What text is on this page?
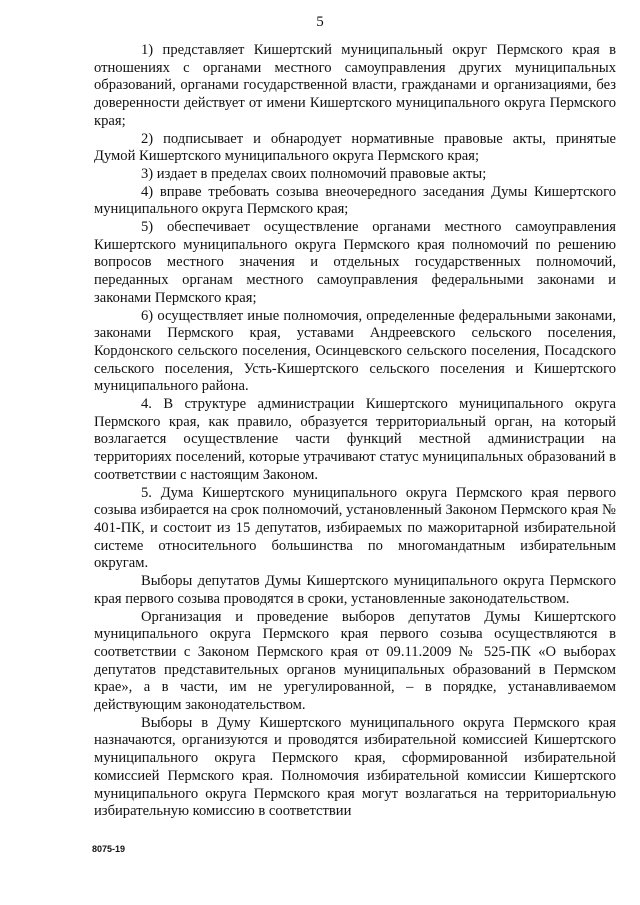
5

1) представляет Кишертский муниципальный округ Пермского края в отношениях с органами местного самоуправления других муниципальных образований, органами государственной власти, гражданами и организациями, без доверенности действует от имени Кишертского муниципального округа Пермского края;

2) подписывает и обнародует нормативные правовые акты, принятые Думой Кишертского муниципального округа Пермского края;

3) издает в пределах своих полномочий правовые акты;

4) вправе требовать созыва внеочередного заседания Думы Кишертского муниципального округа Пермского края;

5) обеспечивает осуществление органами местного самоуправления Кишертского муниципального округа Пермского края полномочий по решению вопросов местного значения и отдельных государственных полномочий, переданных органам местного самоуправления федеральными законами и законами Пермского края;

6) осуществляет иные полномочия, определенные федеральными законами, законами Пермского края, уставами Андреевского сельского поселения, Кордонского сельского поселения, Осинцевского сельского поселения, Посадского сельского поселения, Усть-Кишертского сельского поселения и Кишертского муниципального района.

4. В структуре администрации Кишертского муниципального округа Пермского края, как правило, образуется территориальный орган, на который возлагается осуществление части функций местной администрации на территориях поселений, которые утрачивают статус муниципальных образований в соответствии с настоящим Законом.

5. Дума Кишертского муниципального округа Пермского края первого созыва избирается на срок полномочий, установленный Законом Пермского края № 401-ПК, и состоит из 15 депутатов, избираемых по мажоритарной избирательной системе относительного большинства по многомандатным избирательным округам.

Выборы депутатов Думы Кишертского муниципального округа Пермского края первого созыва проводятся в сроки, установленные законодательством.

Организация и проведение выборов депутатов Думы Кишертского муниципального округа Пермского края первого созыва осуществляются в соответствии с Законом Пермского края от 09.11.2009 № 525-ПК «О выборах депутатов представительных органов муниципальных образований в Пермском крае», а в части, им не урегулированной, – в порядке, устанавливаемом действующим законодательством.

Выборы в Думу Кишертского муниципального округа Пермского края назначаются, организуются и проводятся избирательной комиссией Кишертского муниципального округа Пермского края, сформированной избирательной комиссией Пермского края. Полномочия избирательной комиссии Кишертского муниципального округа Пермского края могут возлагаться на территориальную избирательную комиссию в соответствии

8075-19
